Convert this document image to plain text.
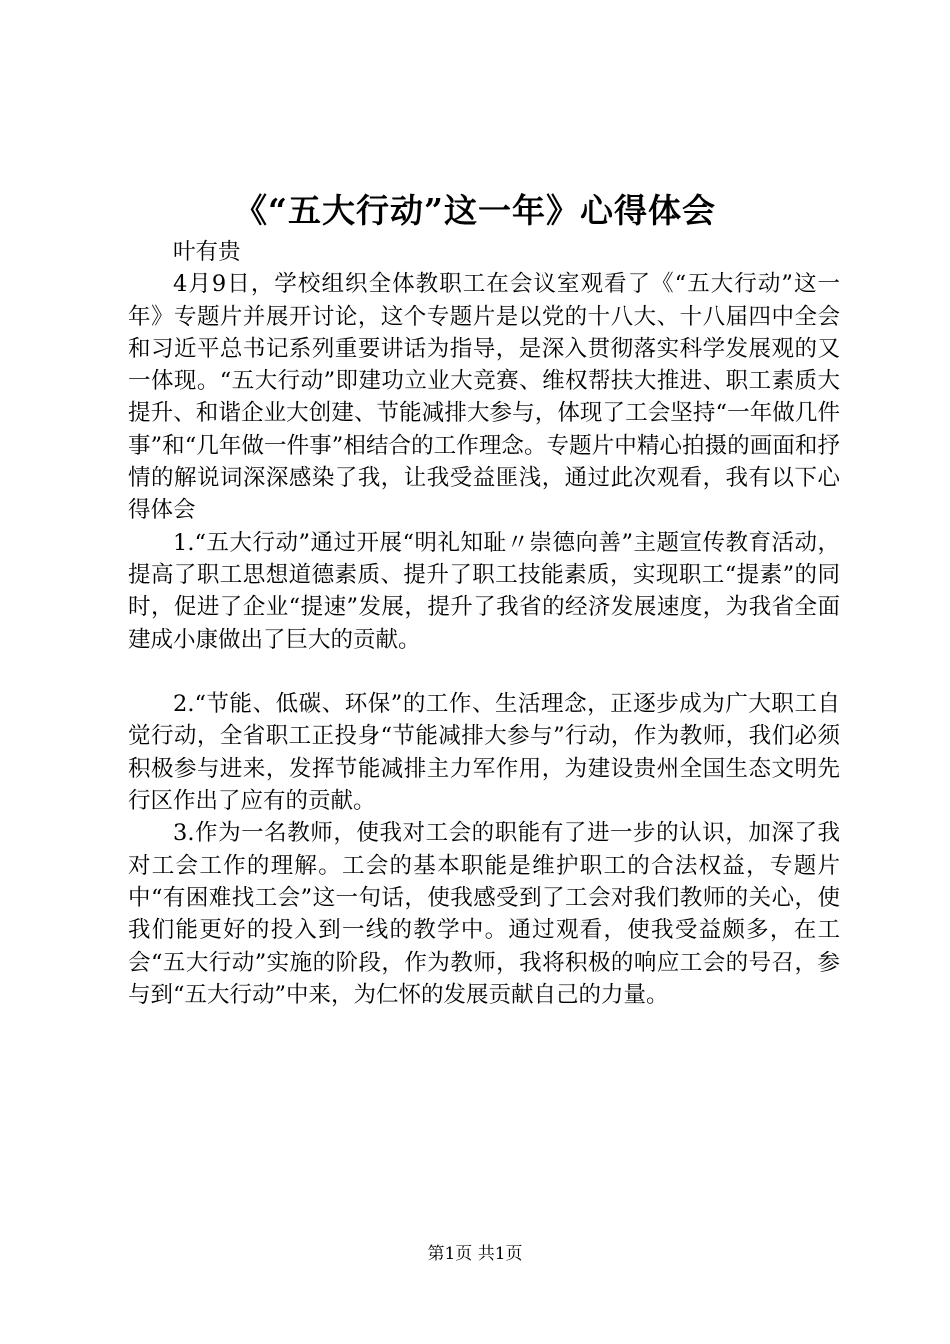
《“五大行动”这一年》心得体会

叶有贵

4月9日，学校组织全体教职工在会议室观看了《“五大行动”这一年》专题片并展开讨论，这个专题片是以党的十八大、十八届四中全会和习近平总书记系列重要讲话为指导，是深入贯彻落实科学发展观的又一体现。“五大行动”即建功立业大竞赛、维权帮扶大推进、职工素质大提升、和谐企业大创建、节能减排大参与，体现了工会坚持“一年做几件事”和“几年做一件事”相结合的工作理念。专题片中精心拍摄的画面和抒情的解说词深深感染了我，让我受益匪浅，通过此次观看，我有以下心得体会

1.“五大行动”通过开展“明礼知耻〃崇德向善”主题宣传教育活动，提高了职工思想道德素质、提升了职工技能素质，实现职工“提素”的同时，促进了企业“提速”发展，提升了我省的经济发展速度，为我省全面建成小康做出了巨大的贡献。

2.“节能、低碳、环保”的工作、生活理念，正逐步成为广大职工自觉行动，全省职工正投身“节能减排大参与”行动，作为教师，我们必须积极参与进来，发挥节能减排主力军作用，为建设贵州全国生态文明先行区作出了应有的贡献。

3.作为一名教师，使我对工会的职能有了进一步的认识，加深了我对工会工作的理解。工会的基本职能是维护职工的合法权益，专题片中“有困难找工会”这一句话，使我感受到了工会对我们教师的关心，使我们能更好的投入到一线的教学中。通过观看，使我受益颇多，在工会“五大行动”实施的阶段，作为教师，我将积极的响应工会的号召，参与到“五大行动”中来，为仁怀的发展贡献自己的力量。

第1页 共1页
